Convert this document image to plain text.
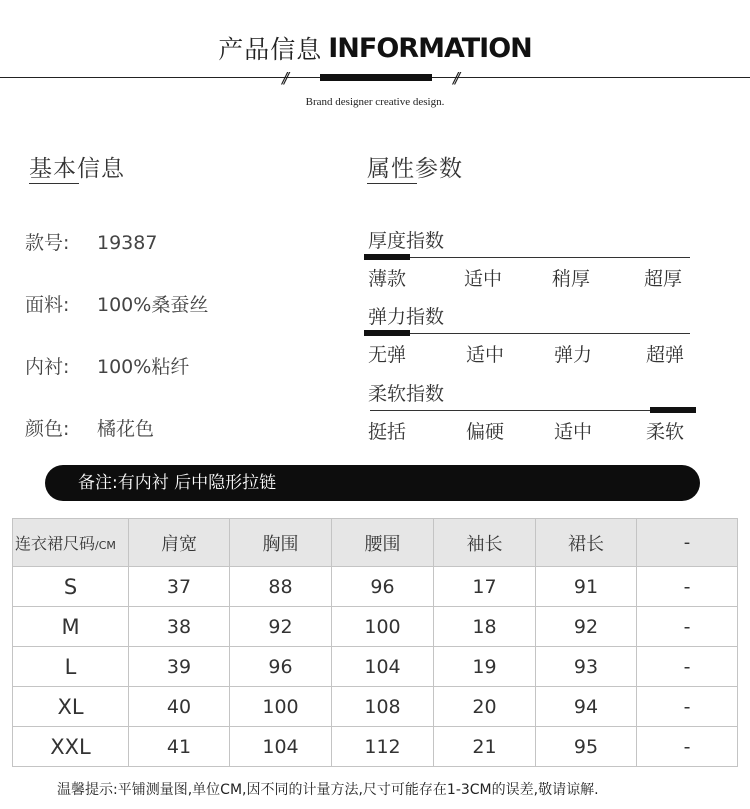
产品信息 INFORMATION
//	//
Brand designer creative design.
基本信息
款号: 19387
面料: 100%桑蚕丝
内衬: 100%粘纤
颜色: 橘花色
属性参数
厚度指数
薄款	适中	稍厚	超厚
弹力指数
无弹	适中	弹力	超弹
柔软指数
挺括	偏硬	适中	柔软
备注:有内衬 后中隐形拉链
连衣裙尺码/CM	肩宽	胸围	腰围	袖长	裙长	-
S	37	88	96	17	91	-
M	38	92	100	18	92	-
L	39	96	104	19	93	-
XL	40	100	108	20	94	-
XXL	41	104	112	21	95	-
温馨提示:平铺测量图,单位CM,因不同的计量方法,尺寸可能存在1-3CM的误差,敬请谅解.
